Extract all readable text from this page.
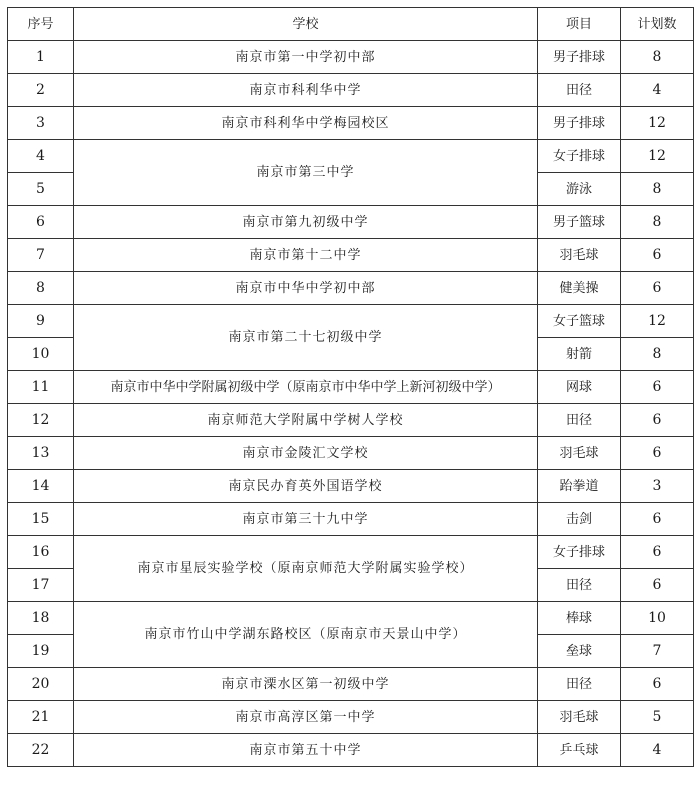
序号	学校	项目	计划数
1	南京市第一中学初中部	男子排球	8
2	南京市科利华中学	田径	4
3	南京市科利华中学梅园校区	男子排球	12
4	南京市第三中学	女子排球	12
5		游泳	8
6	南京市第九初级中学	男子篮球	8
7	南京市第十二中学	羽毛球	6
8	南京市中华中学初中部	健美操	6
9	南京市第二十七初级中学	女子篮球	12
10		射箭	8
11	南京市中华中学附属初级中学（原南京市中华中学上新河初级中学）	网球	6
12	南京师范大学附属中学树人学校	田径	6
13	南京市金陵汇文学校	羽毛球	6
14	南京民办育英外国语学校	跆拳道	3
15	南京市第三十九中学	击剑	6
16	南京市星辰实验学校（原南京师范大学附属实验学校）	女子排球	6
17		田径	6
18	南京市竹山中学湖东路校区（原南京市天景山中学）	棒球	10
19		垒球	7
20	南京市溧水区第一初级中学	田径	6
21	南京市高淳区第一中学	羽毛球	5
22	南京市第五十中学	乒乓球	4
